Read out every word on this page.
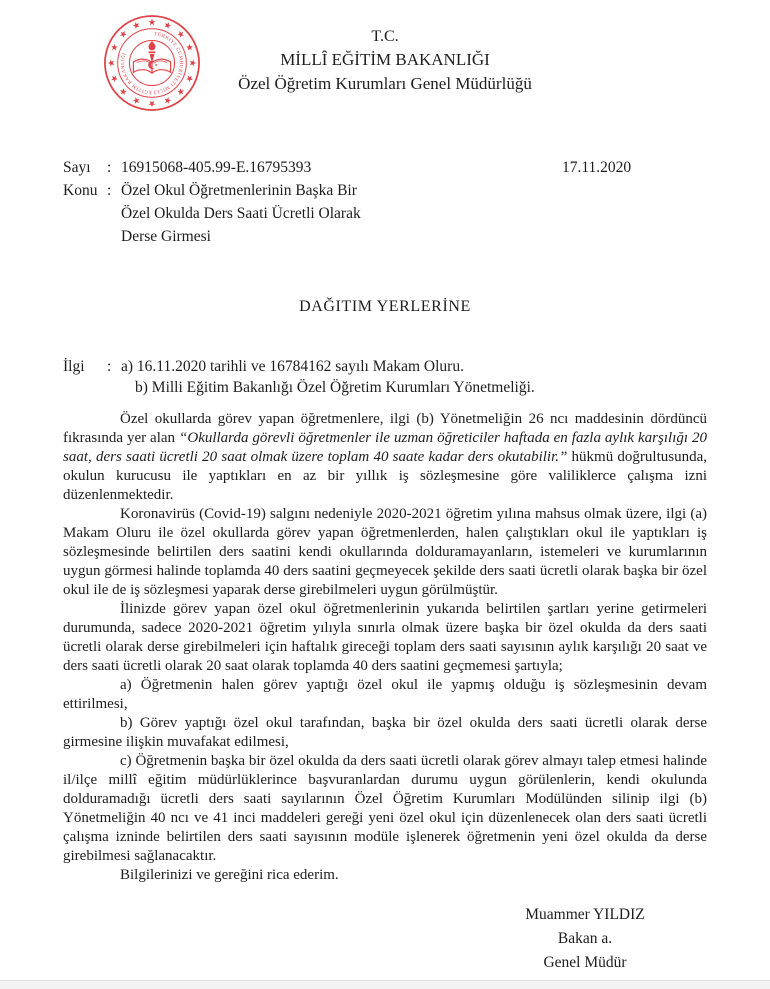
TÜRKİYE CUMHURİYETİ MİLLÎ EĞİTİM BAKANLIĞI
T.C.
MİLLÎ EĞİTİM BAKANLIĞI
Özel Öğretim Kurumları Genel Müdürlüğü
Sayı	: 16915068-405.99-E.16795393
Konu : Özel Okul Öğretmenlerinin Başka Bir
Özel Okulda Ders Saati Ücretli Olarak
Derse Girmesi
17.11.2020
DAĞITIM YERLERİNE
İlgi	: a) 16.11.2020 tarihli ve 16784162 sayılı Makam Oluru.
b) Milli Eğitim Bakanlığı Özel Öğretim Kurumları Yönetmeliği.

Özel okullarda görev yapan öğretmenlere, ilgi (b) Yönetmeliğin 26 ncı maddesinin dördüncü fıkrasında yer alan “Okullarda görevli öğretmenler ile uzman öğreticiler haftada en fazla aylık karşılığı 20 saat, ders saati ücretli 20 saat olmak üzere toplam 40 saate kadar ders okutabilir.” hükmü doğrultusunda, okulun kurucusu ile yaptıkları en az bir yıllık iş sözleşmesine göre valiliklerce çalışma izni düzenlenmektedir.

Koronavirüs (Covid-19) salgını nedeniyle 2020-2021 öğretim yılına mahsus olmak üzere, ilgi (a) Makam Oluru ile özel okullarda görev yapan öğretmenlerden, halen çalıştıkları okul ile yaptıkları iş sözleşmesinde belirtilen ders saatini kendi okullarında dolduramayanların, istemeleri ve kurumlarının uygun görmesi halinde toplamda 40 ders saatini geçmeyecek şekilde ders saati ücretli olarak başka bir özel okul ile de iş sözleşmesi yaparak derse girebilmeleri uygun görülmüştür.

İlinizde görev yapan özel okul öğretmenlerinin yukarıda belirtilen şartları yerine getirmeleri durumunda, sadece 2020-2021 öğretim yılıyla sınırla olmak üzere başka bir özel okulda da ders saati ücretli olarak derse girebilmeleri için haftalık gireceği toplam ders saati sayısının aylık karşılığı 20 saat ve ders saati ücretli olarak 20 saat olarak toplamda 40 ders saatini geçmemesi şartıyla;

a) Öğretmenin halen görev yaptığı özel okul ile yapmış olduğu iş sözleşmesinin devam ettirilmesi,

b) Görev yaptığı özel okul tarafından, başka bir özel okulda ders saati ücretli olarak derse girmesine ilişkin muvafakat edilmesi,

c) Öğretmenin başka bir özel okulda da ders saati ücretli olarak görev almayı talep etmesi halinde il/ilçe millî eğitim müdürlüklerince başvuranlardan durumu uygun görülenlerin, kendi okulunda dolduramadığı ücretli ders saati sayılarının Özel Öğretim Kurumları Modülünden silinip ilgi (b) Yönetmeliğin 40 ncı ve 41 inci maddeleri gereği yeni özel okul için düzenlenecek olan ders saati ücretli çalışma izninde belirtilen ders saati sayısının modüle işlenerek öğretmenin yeni özel okulda da derse girebilmesi sağlanacaktır.

Bilgilerinizi ve gereğini rica ederim.

Muammer YILDIZ
Bakan a.
Genel Müdür
